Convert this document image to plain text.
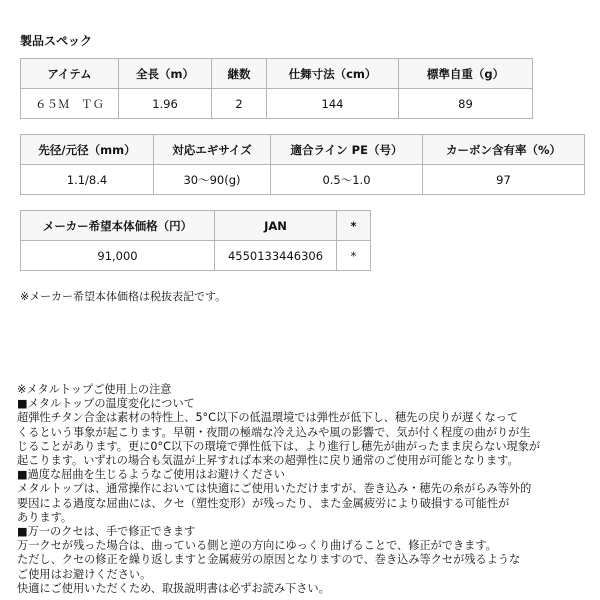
製品スペック
アイテム	全長（m）	継数	仕舞寸法（cm）	標準自重（g）
６５Ｍ　ＴＧ	1.96	2	144	89
先径/元径（mm）	対応エギサイズ	適合ライン PE（号）	カーボン含有率（%）
1.1/8.4	30〜90(g)	0.5〜1.0	97
メーカー希望本体価格（円）	JAN	*
91,000	4550133446306	*
※メーカー希望本体価格は税抜表記です。
※メタルトップご使用上の注意
■メタルトップの温度変化について
超弾性チタン合金は素材の特性上、5°C以下の低温環境では弾性が低下し、穂先の戻りが遅くなって
くるという事象が起こります。早朝・夜間の極端な冷え込みや風の影響で、気が付く程度の曲がりが生
じることがあります。更に0°C以下の環境で弾性低下は、より進行し穂先が曲がったまま戻らない現象が
起こります。いずれの場合も気温が上昇すれば本来の超弾性に戻り通常のご使用が可能となります。
■過度な屈曲を生じるようなご使用はお避けください
メタルトップは、通常操作においては快適にご使用いただけますが、巻き込み・穂先の糸がらみ等外的
要因による過度な屈曲には、クセ（塑性変形）が残ったり、また金属疲労により破損する可能性が
あります。
■万一のクセは、手で修正できます
万一クセが残った場合は、曲っている側と逆の方向にゆっくり曲げることで、修正ができます。
ただし、クセの修正を繰り返しますと金属疲労の原因となりますので、巻き込み等クセが残るような
ご使用はお避けください。
快適にご使用いただくため、取扱説明書は必ずお読み下さい。
